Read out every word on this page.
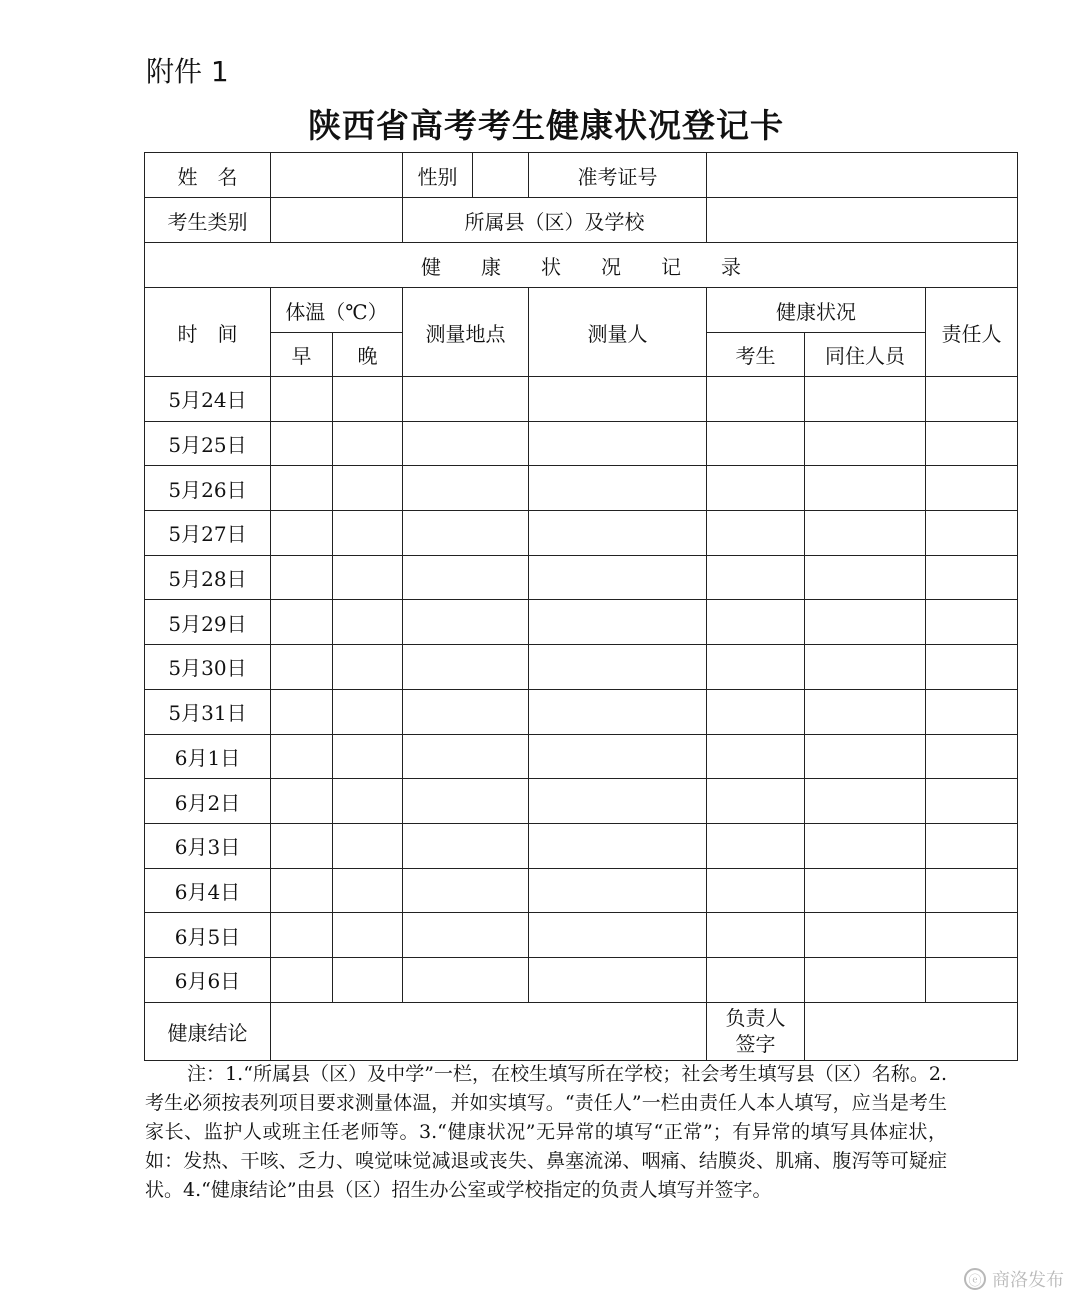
附件 1
陕西省高考考生健康状况登记卡
姓　名			性别		准考证号			
考生类别			所属县（区）及学校					
健　　康　　状　　况　　记　　录								
时　间	体温（℃）		测量地点		测量人	健康状况		责任人
	早	晚				考生	同住人员	
5月24日								
5月25日								
5月26日								
5月27日								
5月28日								
5月29日								
5月30日								
5月31日								
6月1日								
6月2日								
6月3日								
6月4日								
6月5日								
6月6日								
健康结论						负责人签字		
注：1.“所属县（区）及中学”一栏，在校生填写所在学校；社会考生填写县（区）名称。2. 考生必须按表列项目要求测量体温，并如实填写。“责任人”一栏由责任人本人填写，应当是考生家长、监护人或班主任老师等。3.“健康状况”无异常的填写“正常”；有异常的填写具体症状，如：发热、干咳、乏力、嗅觉味觉减退或丧失、鼻塞流涕、咽痛、结膜炎、肌痛、腹泻等可疑症状。4.“健康结论”由县（区）招生办公室或学校指定的负责人填写并签字。
ⓔ 商洛发布
